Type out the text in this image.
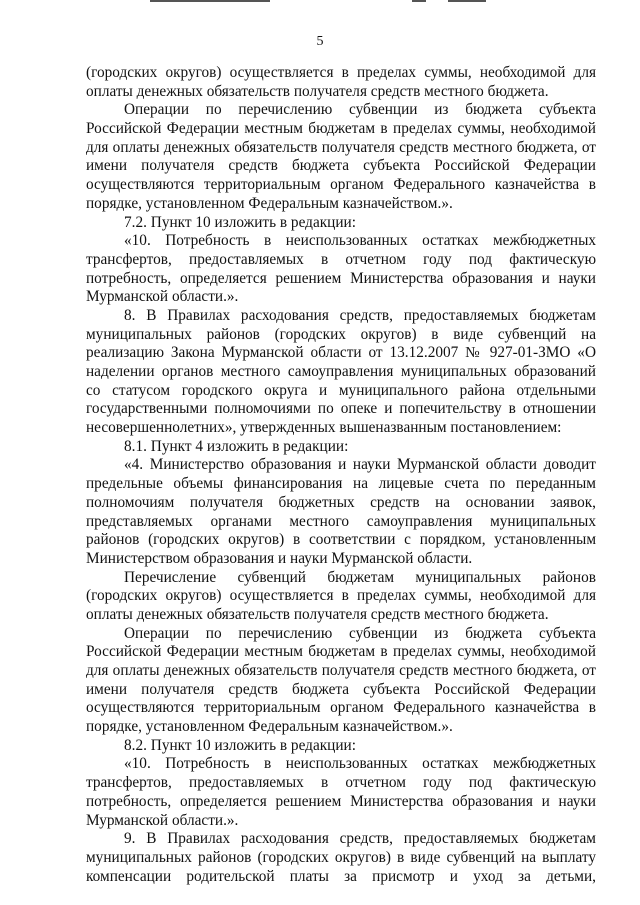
5
(городских округов) осуществляется в пределах суммы, необходимой для
оплаты денежных обязательств получателя средств местного бюджета.
Операции по перечислению субвенции из бюджета субъекта
Российской Федерации местным бюджетам в пределах суммы, необходимой
для оплаты денежных обязательств получателя средств местного бюджета, от
имени получателя средств бюджета субъекта Российской Федерации
осуществляются территориальным органом Федерального казначейства в
порядке, установленном Федеральным казначейством.».
7.2. Пункт 10 изложить в редакции:
«10. Потребность в неиспользованных остатках межбюджетных
трансфертов, предоставляемых в отчетном году под фактическую
потребность, определяется решением Министерства образования и науки
Мурманской области.».
8. В Правилах расходования средств, предоставляемых бюджетам
муниципальных районов (городских округов) в виде субвенций на
реализацию Закона Мурманской области от 13.12.2007 № 927-01-ЗМО «О
наделении органов местного самоуправления муниципальных образований
со статусом городского округа и муниципального района отдельными
государственными полномочиями по опеке и попечительству в отношении
несовершеннолетних», утвержденных вышеназванным постановлением:
8.1. Пункт 4 изложить в редакции:
«4. Министерство образования и науки Мурманской области доводит
предельные объемы финансирования на лицевые счета по переданным
полномочиям получателя бюджетных средств на основании заявок,
представляемых органами местного самоуправления муниципальных
районов (городских округов) в соответствии с порядком, установленным
Министерством образования и науки Мурманской области.
Перечисление субвенций бюджетам муниципальных районов
(городских округов) осуществляется в пределах суммы, необходимой для
оплаты денежных обязательств получателя средств местного бюджета.
Операции по перечислению субвенции из бюджета субъекта
Российской Федерации местным бюджетам в пределах суммы, необходимой
для оплаты денежных обязательств получателя средств местного бюджета, от
имени получателя средств бюджета субъекта Российской Федерации
осуществляются территориальным органом Федерального казначейства в
порядке, установленном Федеральным казначейством.».
8.2. Пункт 10 изложить в редакции:
«10. Потребность в неиспользованных остатках межбюджетных
трансфертов, предоставляемых в отчетном году под фактическую
потребность, определяется решением Министерства образования и науки
Мурманской области.».
9. В Правилах расходования средств, предоставляемых бюджетам
муниципальных районов (городских округов) в виде субвенций на выплату
компенсации родительской платы за присмотр и уход за детьми,
